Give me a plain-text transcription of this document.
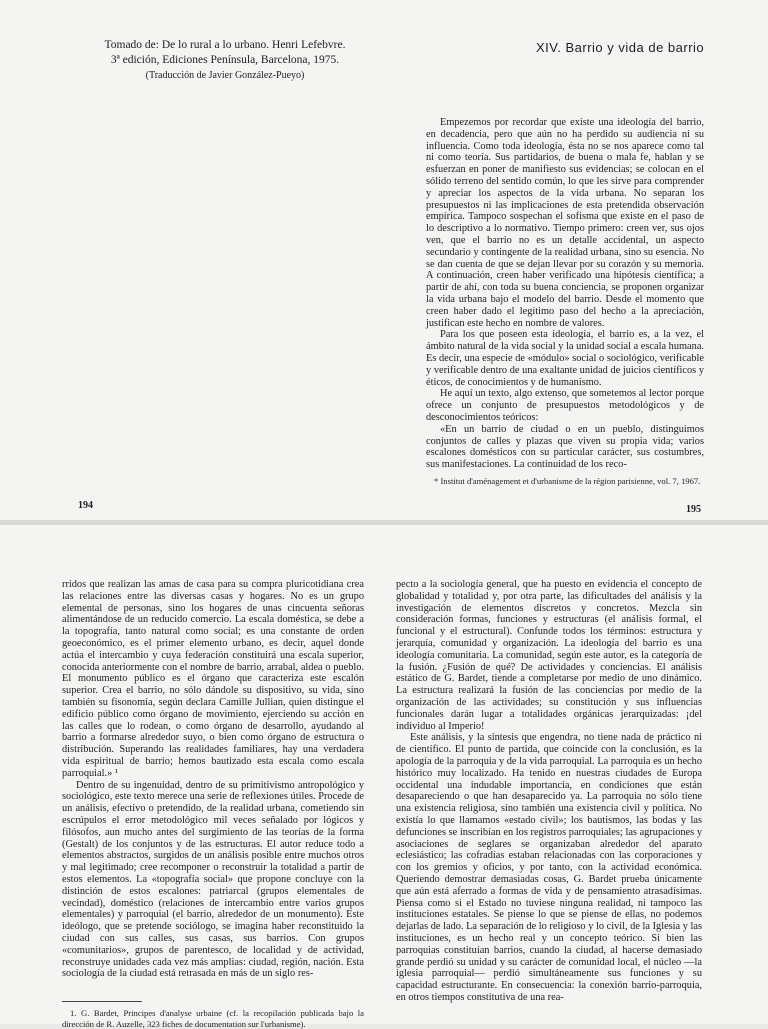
Tomado de: De lo rural a lo urbano. Henri Lefebvre.
3ª edición, Ediciones Península, Barcelona, 1975.
(Traducción de Javier González-Pueyo)
XIV. Barrio y vida de barrio

Empezemos por recordar que existe una ideología del barrio, en decadencia, pero que aún no ha perdido su audiencia ni su influencia. Como toda ideología, ésta no se nos aparece como tal ni como teoría. Sus partidarios, de buena o mala fe, hablan y se esfuerzan en poner de manifiesto sus evidencias; se colocan en el sólido terreno del sentido común, lo que les sirve para comprender y apreciar los aspectos de la vida urbana. No separan los presupuestos ni las implicaciones de esta pretendida observación empírica. Tampoco sospechan el sofisma que existe en el paso de lo descriptivo a lo normativo. Tiempo primero: creen ver, sus ojos ven, que el barrio no es un detalle accidental, un aspecto secundario y contingente de la realidad urbana, sino su esencia. No se dan cuenta de que se dejan llevar por su corazón y su memoria. A continuación, creen haber verificado una hipótesis científica; a partir de ahí, con toda su buena conciencia, se proponen organizar la vida urbana bajo el modelo del barrio. Desde el momento que creen haber dado el legítimo paso del hecho a la apreciación, justifican este hecho en nombre de valores.

Para los que poseen esta ideología, el barrio es, a la vez, el ámbito natural de la vida social y la unidad social a escala humana. Es decir, una especie de «módulo» social o sociológico, verificable y verificable dentro de una exaltante unidad de juicios científicos y éticos, de conocimientos y de humanismo.

He aquí un texto, algo extenso, que sometemos al lector porque ofrece un conjunto de presupuestos metodológicos y de desconocimientos teóricos:

«En un barrio de ciudad o en un pueblo, distinguimos conjuntos de calles y plazas que viven su propia vida; varios escalones domésticos con su particular carácter, sus costumbres, sus manifestaciones. La continuidad de los reco-

* Institut d'aménagement et d'urbanisme de la région parisienne, vol. 7, 1967.

194	195

rridos que realizan las amas de casa para su compra pluricotidiana crea las relaciones entre las diversas casas y hogares. No es un grupo elemental de personas, sino los hogares de unas cincuenta señoras alimentándose de un reducido comercio. La escala doméstica, se debe a la topografía, tanto natural como social; es una constante de orden geoeconómico, es el primer elemento urbano, es decir, aquel donde actúa el intercambio y cuya federación constituirá una escala superior, conocida anteriormente con el nombre de barrio, arrabal, aldea o pueblo. El monumento público es el órgano que caracteriza este escalón superior. Crea el barrio, no sólo dándole su dispositivo, su vida, sino también su fisonomía, según declara Camille Jullian, quien distingue el edificio público como órgano de movimiento, ejerciendo su acción en las calles que lo rodean, o como órgano de desarrollo, ayudando al barrio a formarse alrededor suyo, o bien como órgano de estructura o distribución. Superando las realidades familiares, hay una verdadera vida espiritual de barrio; hemos bautizado esta escala como escala parroquial.» ¹

Dentro de su ingenuidad, dentro de su primitivismo antropológico y sociológico, este texto merece una serie de reflexiones útiles. Procede de un análisis, efectivo o pretendido, de la realidad urbana, cometiendo sin escrúpulos el error metodológico mil veces señalado por lógicos y filósofos, aun mucho antes del surgimiento de las teorías de la forma (Gestalt) de los conjuntos y de las estructuras. El autor reduce todo a elementos abstractos, surgidos de un análisis posible entre muchos otros y mal legitimado; cree recomponer o reconstruir la totalidad a partir de estos elementos. La «topografía social» que propone concluye con la distinción de estos escalones: patriarcal (grupos elementales de vecindad), doméstico (relaciones de intercambio entre varios grupos elementales) y parroquial (el barrio, alrededor de un monumento). Este ideólogo, que se pretende sociólogo, se imagina haber reconstituido la ciudad con sus calles, sus casas, sus barrios. Con grupos «comunitarios», grupos de parentesco, de localidad y de actividad, reconstruye unidades cada vez más amplias: ciudad, región, nación. Esta sociología de la ciudad está retrasada en más de un siglo res-

1. G. Bardet, Principes d'analyse urbaine (cf. la recopilación publicada bajo la dirección de R. Auzelle, 323 fiches de documentation sur l'urbanisme).

pecto a la sociología general, que ha puesto en evidencia el concepto de globalidad y totalidad y, por otra parte, las dificultades del análisis y la investigación de elementos discretos y concretos. Mezcla sin consideración formas, funciones y estructuras (el análisis formal, el funcional y el estructural). Confunde todos los términos: estructura y jerarquía, comunidad y organización. La ideología del barrio es una ideología comunitaria. La comunidad, según este autor, es la categoría de la fusión. ¿Fusión de qué? De actividades y conciencias. El análisis estático de G. Bardet, tiende a completarse por medio de uno dinámico. La estructura realizará la fusión de las conciencias por medio de la organización de las actividades; su constitución y sus influencias funcionales darán lugar a totalidades orgánicas jerarquizadas: ¡del individuo al Imperio!

Este análisis, y la síntesis que engendra, no tiene nada de práctico ni de científico. El punto de partida, que coincide con la conclusión, es la apología de la parroquia y de la vida parroquial. La parroquia es un hecho histórico muy localizado. Ha tenido en nuestras ciudades de Europa occidental una indudable importancia, en condiciones que están desapareciendo o que han desaparecido ya. La parroquia no sólo tiene una existencia religiosa, sino también una existencia civil y política. No existía lo que llamamos «estado civil»; los bautismos, las bodas y las defunciones se inscribían en los registros parroquiales; las agrupaciones y asociaciones de seglares se organizaban alrededor del aparato eclesiástico; las cofradías estaban relacionadas con las corporaciones y con los gremios y oficios, y por tanto, con la actividad económica. Queriendo demostrar demasiadas cosas, G. Bardet prueba únicamente que aún está aferrado a formas de vida y de pensamiento atrasadísimas. Piensa como si el Estado no tuviese ninguna realidad, ni tampoco las instituciones estatales. Se piense lo que se piense de ellas, no podemos dejarlas de lado. La separación de lo religioso y lo civil, de la Iglesia y las instituciones, es un hecho real y un concepto teórico. Si bien las parroquias constituían barrios, cuando la ciudad, al hacerse demasiado grande perdió su unidad y su carácter de comunidad local, el núcleo —la iglesia parroquial— perdió simultáneamente sus funciones y su capacidad estructurante. En consecuencia: la conexión barrio-parroquia, en otros tiempos constitutiva de una rea-
